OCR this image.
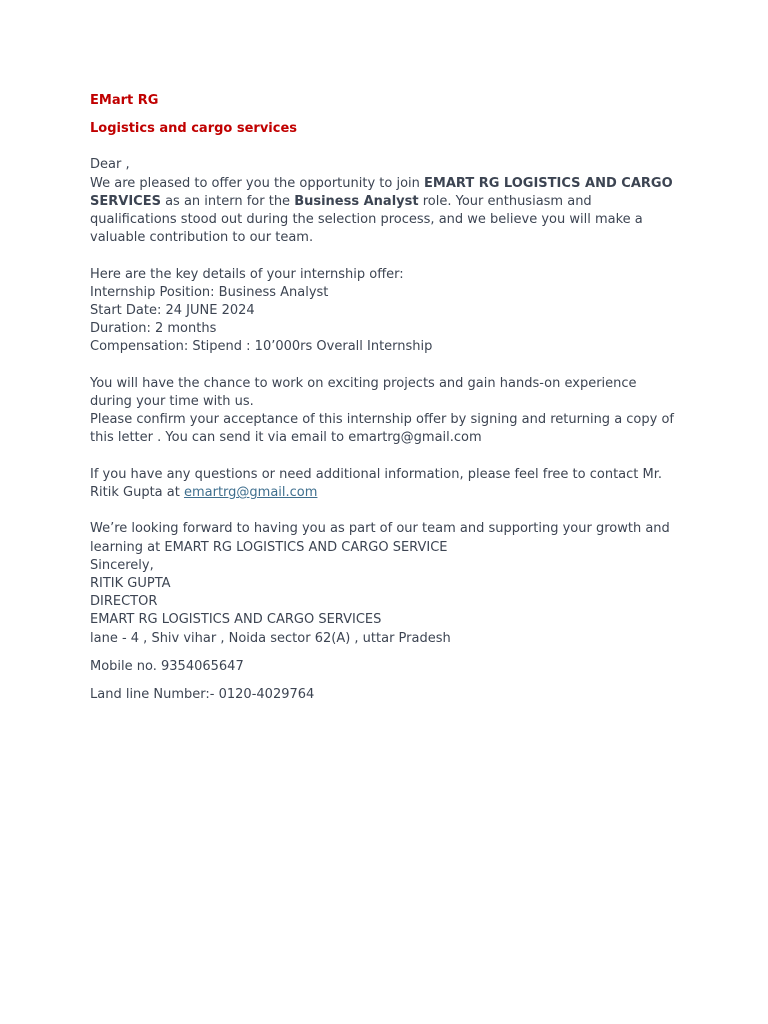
EMart RG
Logistics and cargo services

Dear ,

We are pleased to offer you the opportunity to join EMART RG LOGISTICS AND CARGO SERVICES as an intern for the Business Analyst role. Your enthusiasm and qualifications stood out during the selection process, and we believe you will make a valuable contribution to our team.

Here are the key details of your internship offer:

Internship Position: Business Analyst

Start Date: 24 JUNE 2024

Duration: 2 months

Compensation: Stipend : 10’000rs Overall Internship

You will have the chance to work on exciting projects and gain hands-on experience during your time with us.

Please confirm your acceptance of this internship offer by signing and returning a copy of this letter . You can send it via email to emartrg@gmail.com

If you have any questions or need additional information, please feel free to contact Mr. Ritik Gupta at emartrg@gmail.com

We’re looking forward to having you as part of our team and supporting your growth and learning at EMART RG LOGISTICS AND CARGO SERVICE

Sincerely,

RITIK GUPTA

DIRECTOR

EMART RG LOGISTICS AND CARGO SERVICES

lane - 4 , Shiv vihar , Noida sector 62(A) , uttar Pradesh

Mobile no. 9354065647

Land line Number:- 0120-4029764
